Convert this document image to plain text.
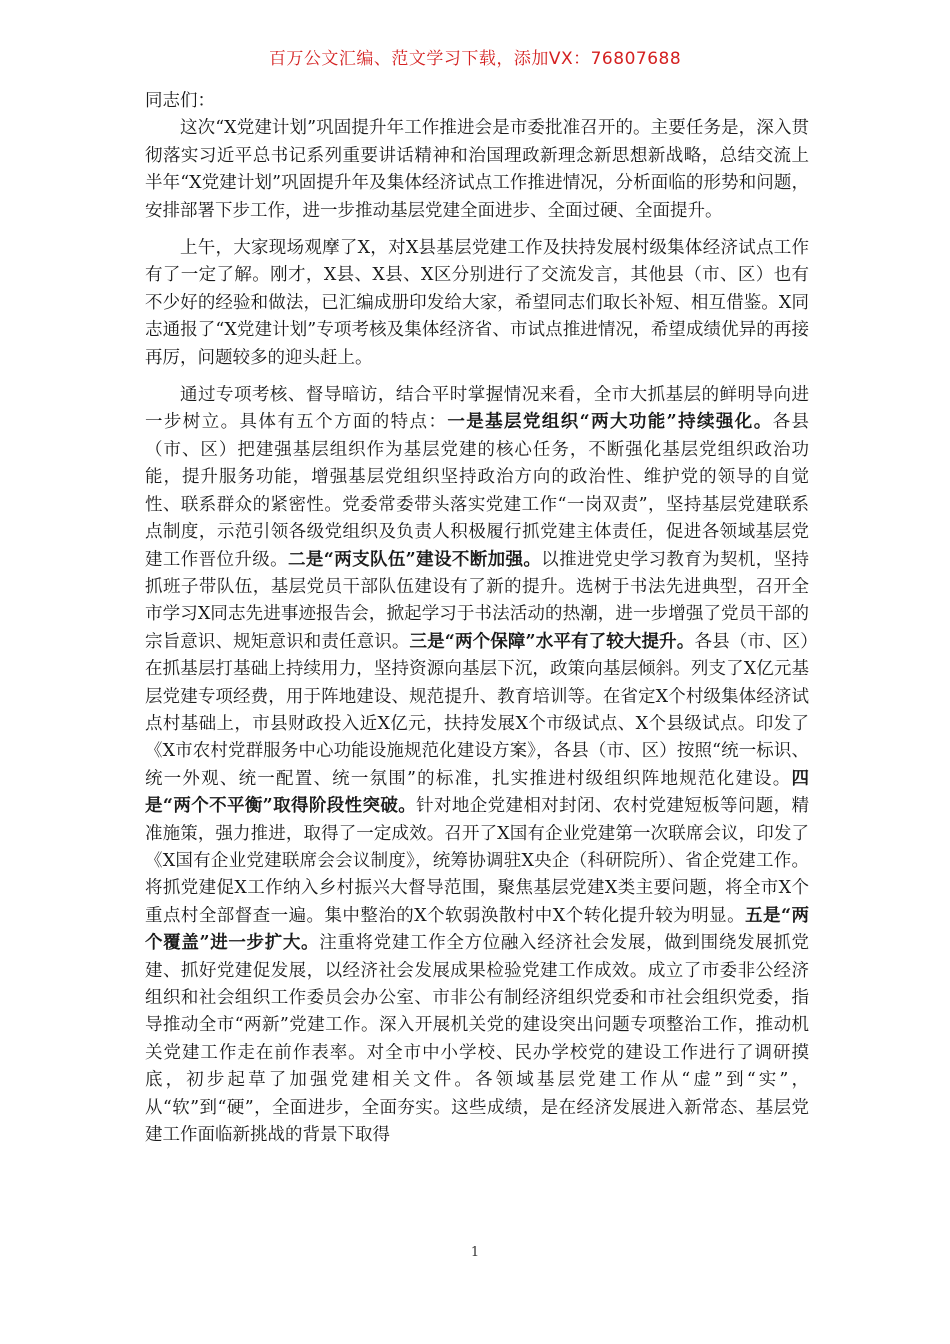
百万公文汇编、范文学习下载，添加VX：76807688

同志们：

这次“X党建计划”巩固提升年工作推进会是市委批准召开的。主要任务是，深入贯彻落实习近平总书记系列重要讲话精神和治国理政新理念新思想新战略，总结交流上半年“X党建计划”巩固提升年及集体经济试点工作推进情况，分析面临的形势和问题，安排部署下步工作，进一步推动基层党建全面进步、全面过硬、全面提升。

上午，大家现场观摩了X，对X县基层党建工作及扶持发展村级集体经济试点工作有了一定了解。刚才，X县、X县、X区分别进行了交流发言，其他县（市、区）也有不少好的经验和做法，已汇编成册印发给大家，希望同志们取长补短、相互借鉴。X同志通报了“X党建计划”专项考核及集体经济省、市试点推进情况，希望成绩优异的再接再厉，问题较多的迎头赶上。

通过专项考核、督导暗访，结合平时掌握情况来看，全市大抓基层的鲜明导向进一步树立。具体有五个方面的特点：一是基层党组织“两大功能”持续强化。各县（市、区）把建强基层组织作为基层党建的核心任务，不断强化基层党组织政治功能，提升服务功能，增强基层党组织坚持政治方向的政治性、维护党的领导的自觉性、联系群众的紧密性。党委常委带头落实党建工作“一岗双责”，坚持基层党建联系点制度，示范引领各级党组织及负责人积极履行抓党建主体责任，促进各领域基层党建工作晋位升级。二是“两支队伍”建设不断加强。以推进党史学习教育为契机，坚持抓班子带队伍，基层党员干部队伍建设有了新的提升。选树于书法先进典型，召开全市学习X同志先进事迹报告会，掀起学习于书法活动的热潮，进一步增强了党员干部的宗旨意识、规矩意识和责任意识。三是“两个保障”水平有了较大提升。各县（市、区）在抓基层打基础上持续用力，坚持资源向基层下沉，政策向基层倾斜。列支了X亿元基层党建专项经费，用于阵地建设、规范提升、教育培训等。在省定X个村级集体经济试点村基础上，市县财政投入近X亿元，扶持发展X个市级试点、X个县级试点。印发了《X市农村党群服务中心功能设施规范化建设方案》，各县（市、区）按照“统一标识、统一外观、统一配置、统一氛围”的标准，扎实推进村级组织阵地规范化建设。四是“两个不平衡”取得阶段性突破。针对地企党建相对封闭、农村党建短板等问题，精准施策，强力推进，取得了一定成效。召开了X国有企业党建第一次联席会议，印发了《X国有企业党建联席会会议制度》，统筹协调驻X央企（科研院所）、省企党建工作。将抓党建促X工作纳入乡村振兴大督导范围，聚焦基层党建X类主要问题，将全市X个重点村全部督查一遍。集中整治的X个软弱涣散村中X个转化提升较为明显。五是“两个覆盖”进一步扩大。注重将党建工作全方位融入经济社会发展，做到围绕发展抓党建、抓好党建促发展，以经济社会发展成果检验党建工作成效。成立了市委非公经济组织和社会组织工作委员会办公室、市非公有制经济组织党委和市社会组织党委，指导推动全市“两新”党建工作。深入开展机关党的建设突出问题专项整治工作，推动机关党建工作走在前作表率。对全市中小学校、民办学校党的建设工作进行了调研摸底，初步起草了加强党建相关文件。各领域基层党建工作从“虚”到“实”，从“软”到“硬”，全面进步，全面夯实。这些成绩，是在经济发展进入新常态、基层党建工作面临新挑战的背景下取得

1
